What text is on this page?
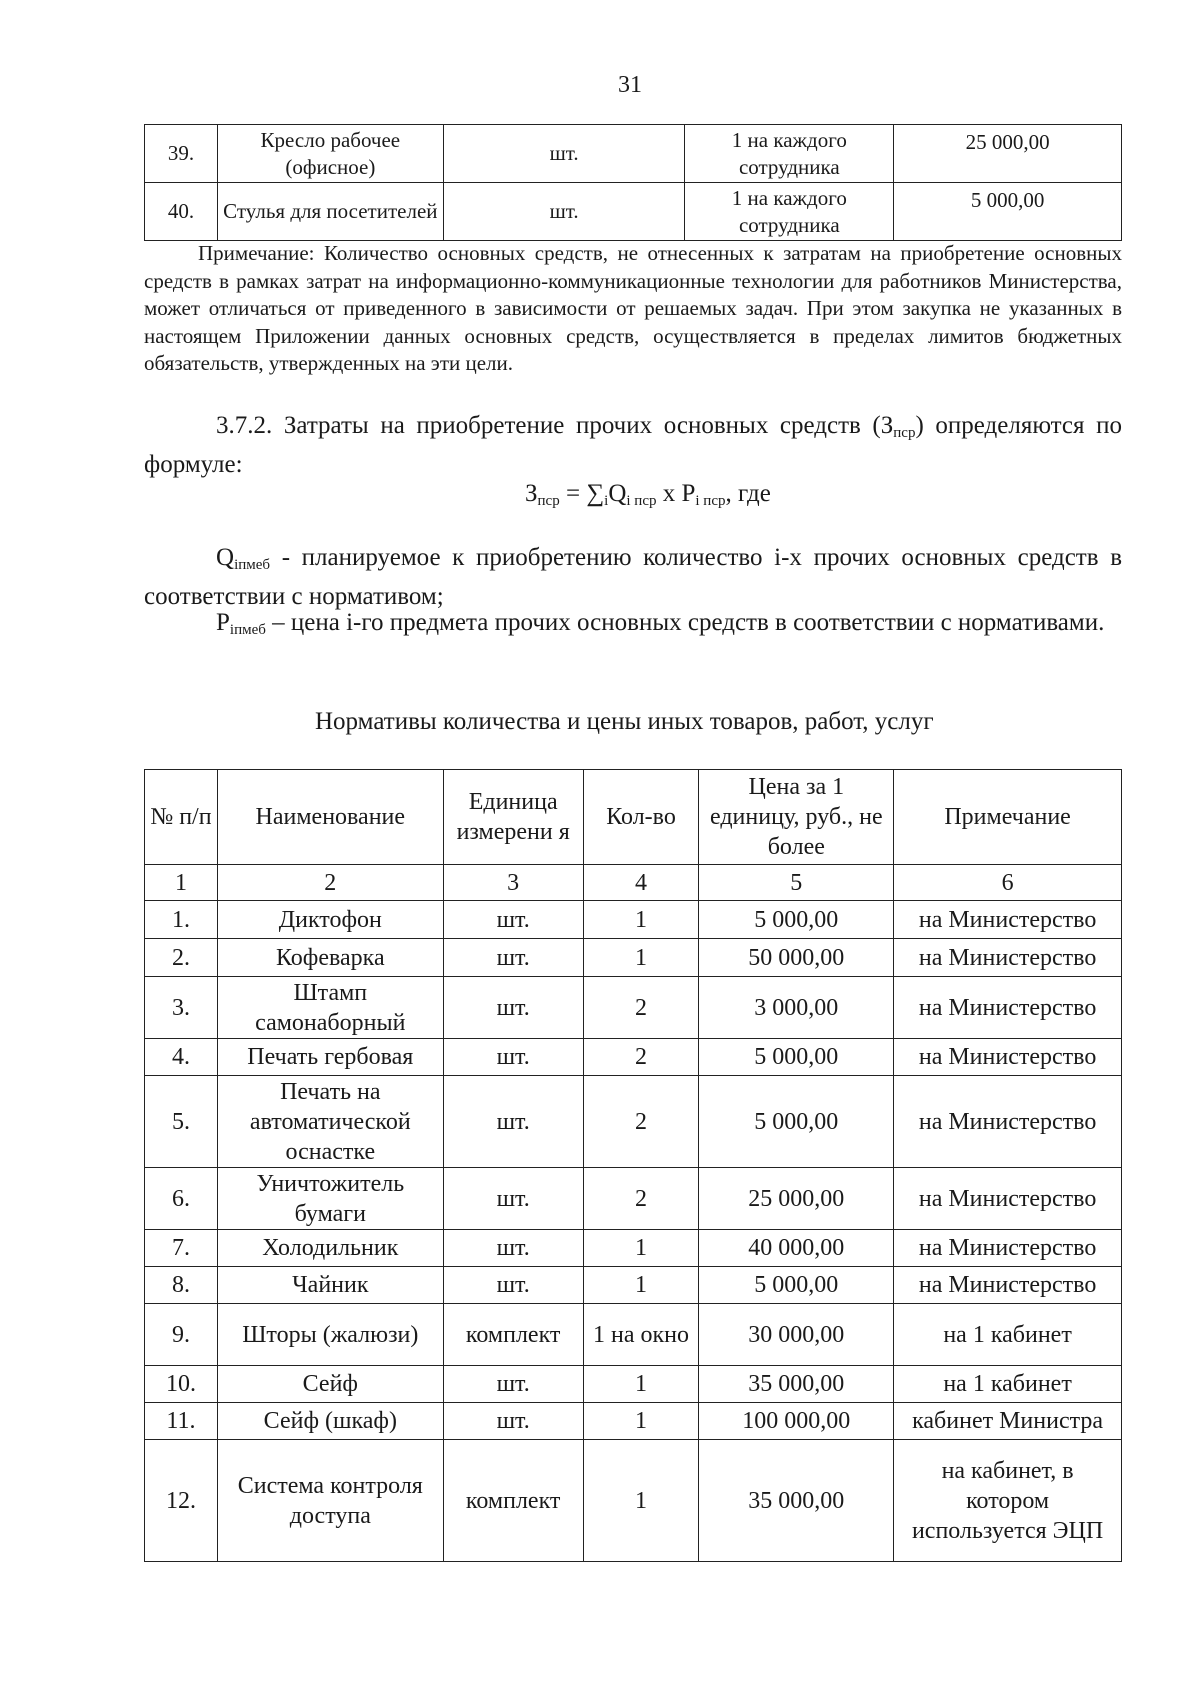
31
39.	Кресло рабочее (офисное)	шт.	1 на каждого сотрудника	25 000,00
40.	Стулья для посетителей	шт.	1 на каждого сотрудника	5 000,00
Примечание: Количество основных средств, не отнесенных к затратам на приобретение основных средств в рамках затрат на информационно-коммуникационные технологии для работников Министерства, может отличаться от приведенного в зависимости от решаемых задач. При этом закупка не указанных в настоящем Приложении данных основных средств, осуществляется в пределах лимитов бюджетных обязательств, утвержденных на эти цели.
3.7.2. Затраты на приобретение прочих основных средств $(З_{пср})$ определяются по формуле:
$З_{пср} = \sum_iQ_{i пср}$ х $P_{i пср}$, где
$Q_{iпмеб}$ - планируемое к приобретению количество i-х прочих основных средств в соответствии с нормативом;
$P_{iпмеб}$ – цена i-го предмета прочих основных средств в соответствии с нормативами.
Нормативы количества и цены иных товаров, работ, услуг
№ п/п	Наименование	Единица измерени я	Кол-во	Цена за 1 единицу, руб., не более	Примечание
1	2	3	4	5	6
1.	Диктофон	шт.	1	5 000,00	на Министерство
2.	Кофеварка	шт.	1	50 000,00	на Министерство
3.	Штамп самонаборный	шт.	2	3 000,00	на Министерство
4.	Печать гербовая	шт.	2	5 000,00	на Министерство
5.	Печать на автоматической оснастке	шт.	2	5 000,00	на Министерство
6.	Уничтожитель бумаги	шт.	2	25 000,00	на Министерство
7.	Холодильник	шт.	1	40 000,00	на Министерство
8.	Чайник	шт.	1	5 000,00	на Министерство
9.	Шторы (жалюзи)	комплект	1 на окно	30 000,00	на 1 кабинет
10.	Сейф	шт.	1	35 000,00	на 1 кабинет
11.	Сейф (шкаф)	шт.	1	100 000,00	кабинет Министра
12.	Система контроля доступа	комплект	1	35 000,00	на кабинет, в котором используется ЭЦП
